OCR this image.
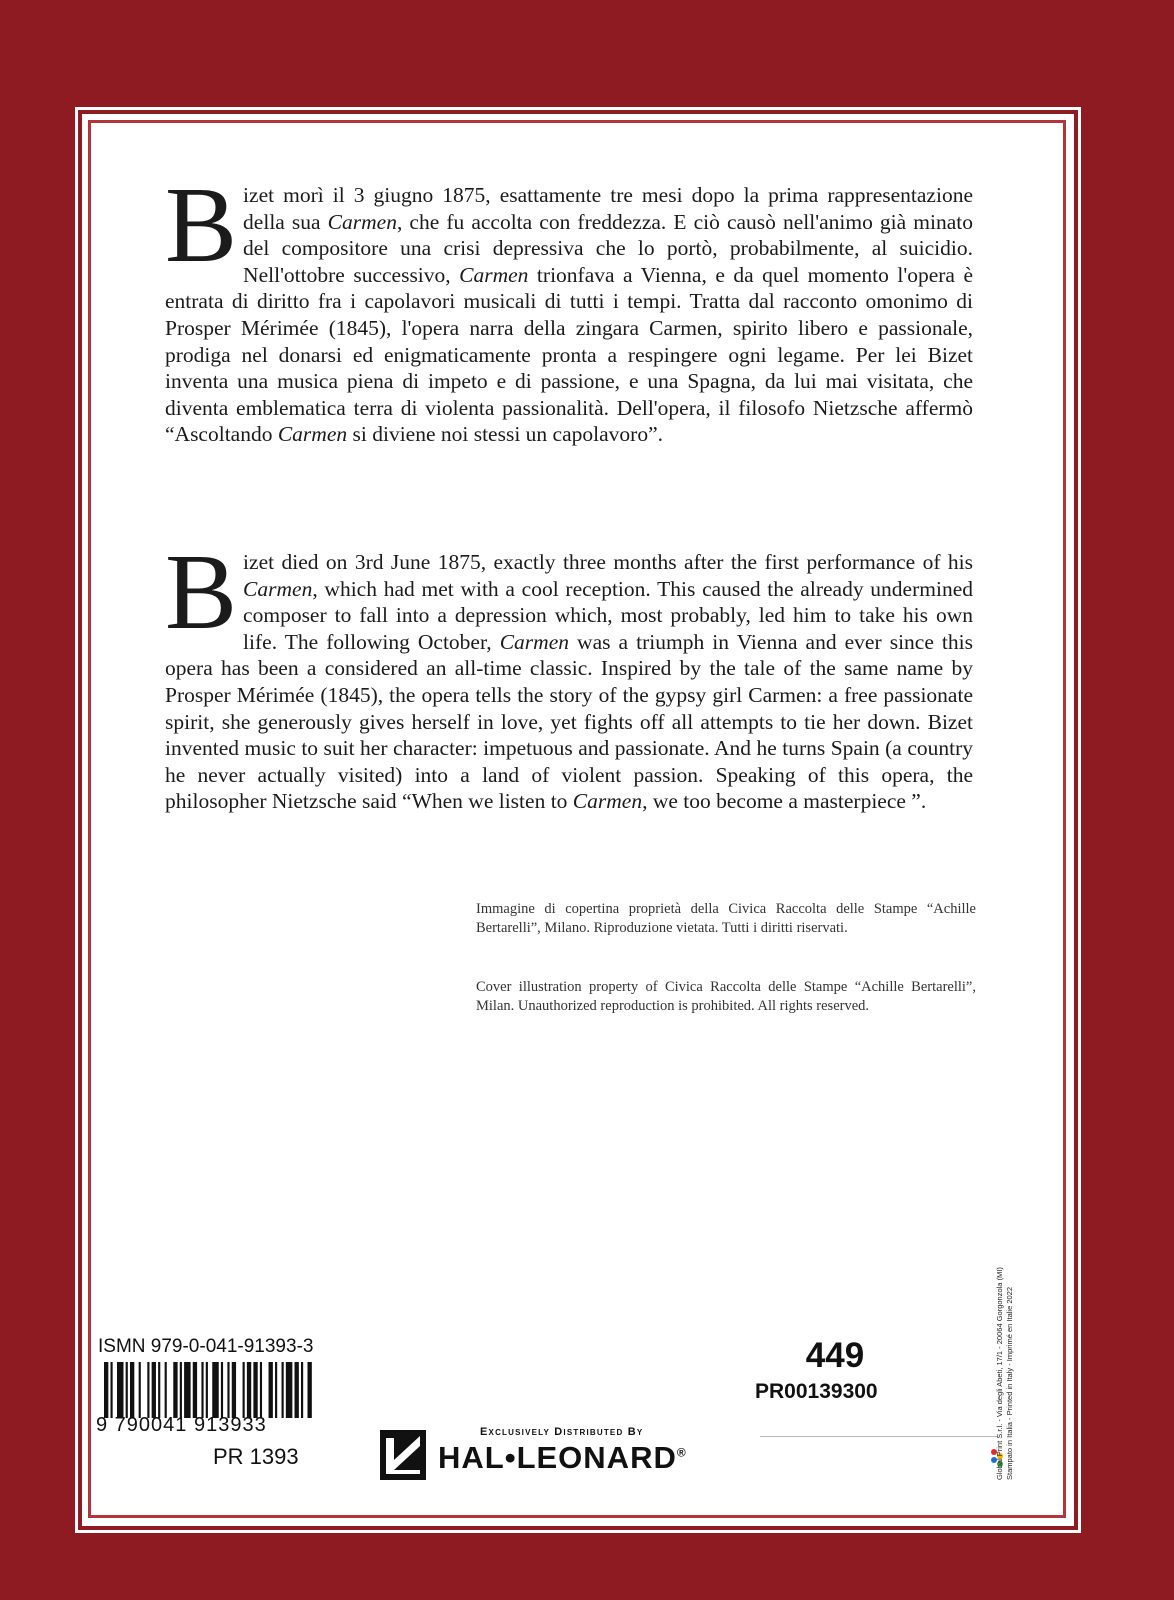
Bizet morì il 3 giugno 1875, esattamente tre mesi dopo la prima rappresentazione della sua Carmen, che fu accolta con freddezza. E ciò causò nell'animo già minato del compositore una crisi depressiva che lo portò, probabilmente, al suicidio. Nell'ottobre successivo, Carmen trionfava a Vienna, e da quel momento l'opera è entrata di diritto fra i capolavori musicali di tutti i tempi. Tratta dal racconto omonimo di Prosper Mérimée (1845), l'opera narra della zingara Carmen, spirito libero e passionale, prodiga nel donarsi ed enigmaticamente pronta a respingere ogni legame. Per lei Bizet inventa una musica piena di impeto e di passione, e una Spagna, da lui mai visitata, che diventa emblematica terra di violenta passionalità. Dell'opera, il filosofo Nietzsche affermò “Ascoltando Carmen si diviene noi stessi un capolavoro”.

Bizet died on 3rd June 1875, exactly three months after the first performance of his Carmen, which had met with a cool reception. This caused the already undermined composer to fall into a depression which, most probably, led him to take his own life. The following October, Carmen was a triumph in Vienna and ever since this opera has been a considered an all-time classic. Inspired by the tale of the same name by Prosper Mérimée (1845), the opera tells the story of the gypsy girl Carmen: a free passionate spirit, she generously gives herself in love, yet fights off all attempts to tie her down. Bizet invented music to suit her character: impetuous and passionate. And he turns Spain (a country he never actually visited) into a land of violent passion. Speaking of this opera, the philosopher Nietzsche said “When we listen to Carmen, we too become a masterpiece ”.

Immagine di copertina proprietà della Civica Raccolta delle Stampe “Achille Bertarelli”, Milano. Riproduzione vietata. Tutti i diritti riservati.

Cover illustration property of Civica Raccolta delle Stampe “Achille Bertarelli”, Milan. Unauthorized reproduction is prohibited. All rights reserved.

ISMN 979-0-041-91393-3
9 790041 913933
PR 1393
Exclusively Distributed By
HAL•LEONARD®
449
PR00139300	Global Print S.r.l. - Via degli Abeti, 17/1 - 20064 Gorgonzola (MI) Stampato in Italia - Printed in Italy - Imprimé en Italie 2022
